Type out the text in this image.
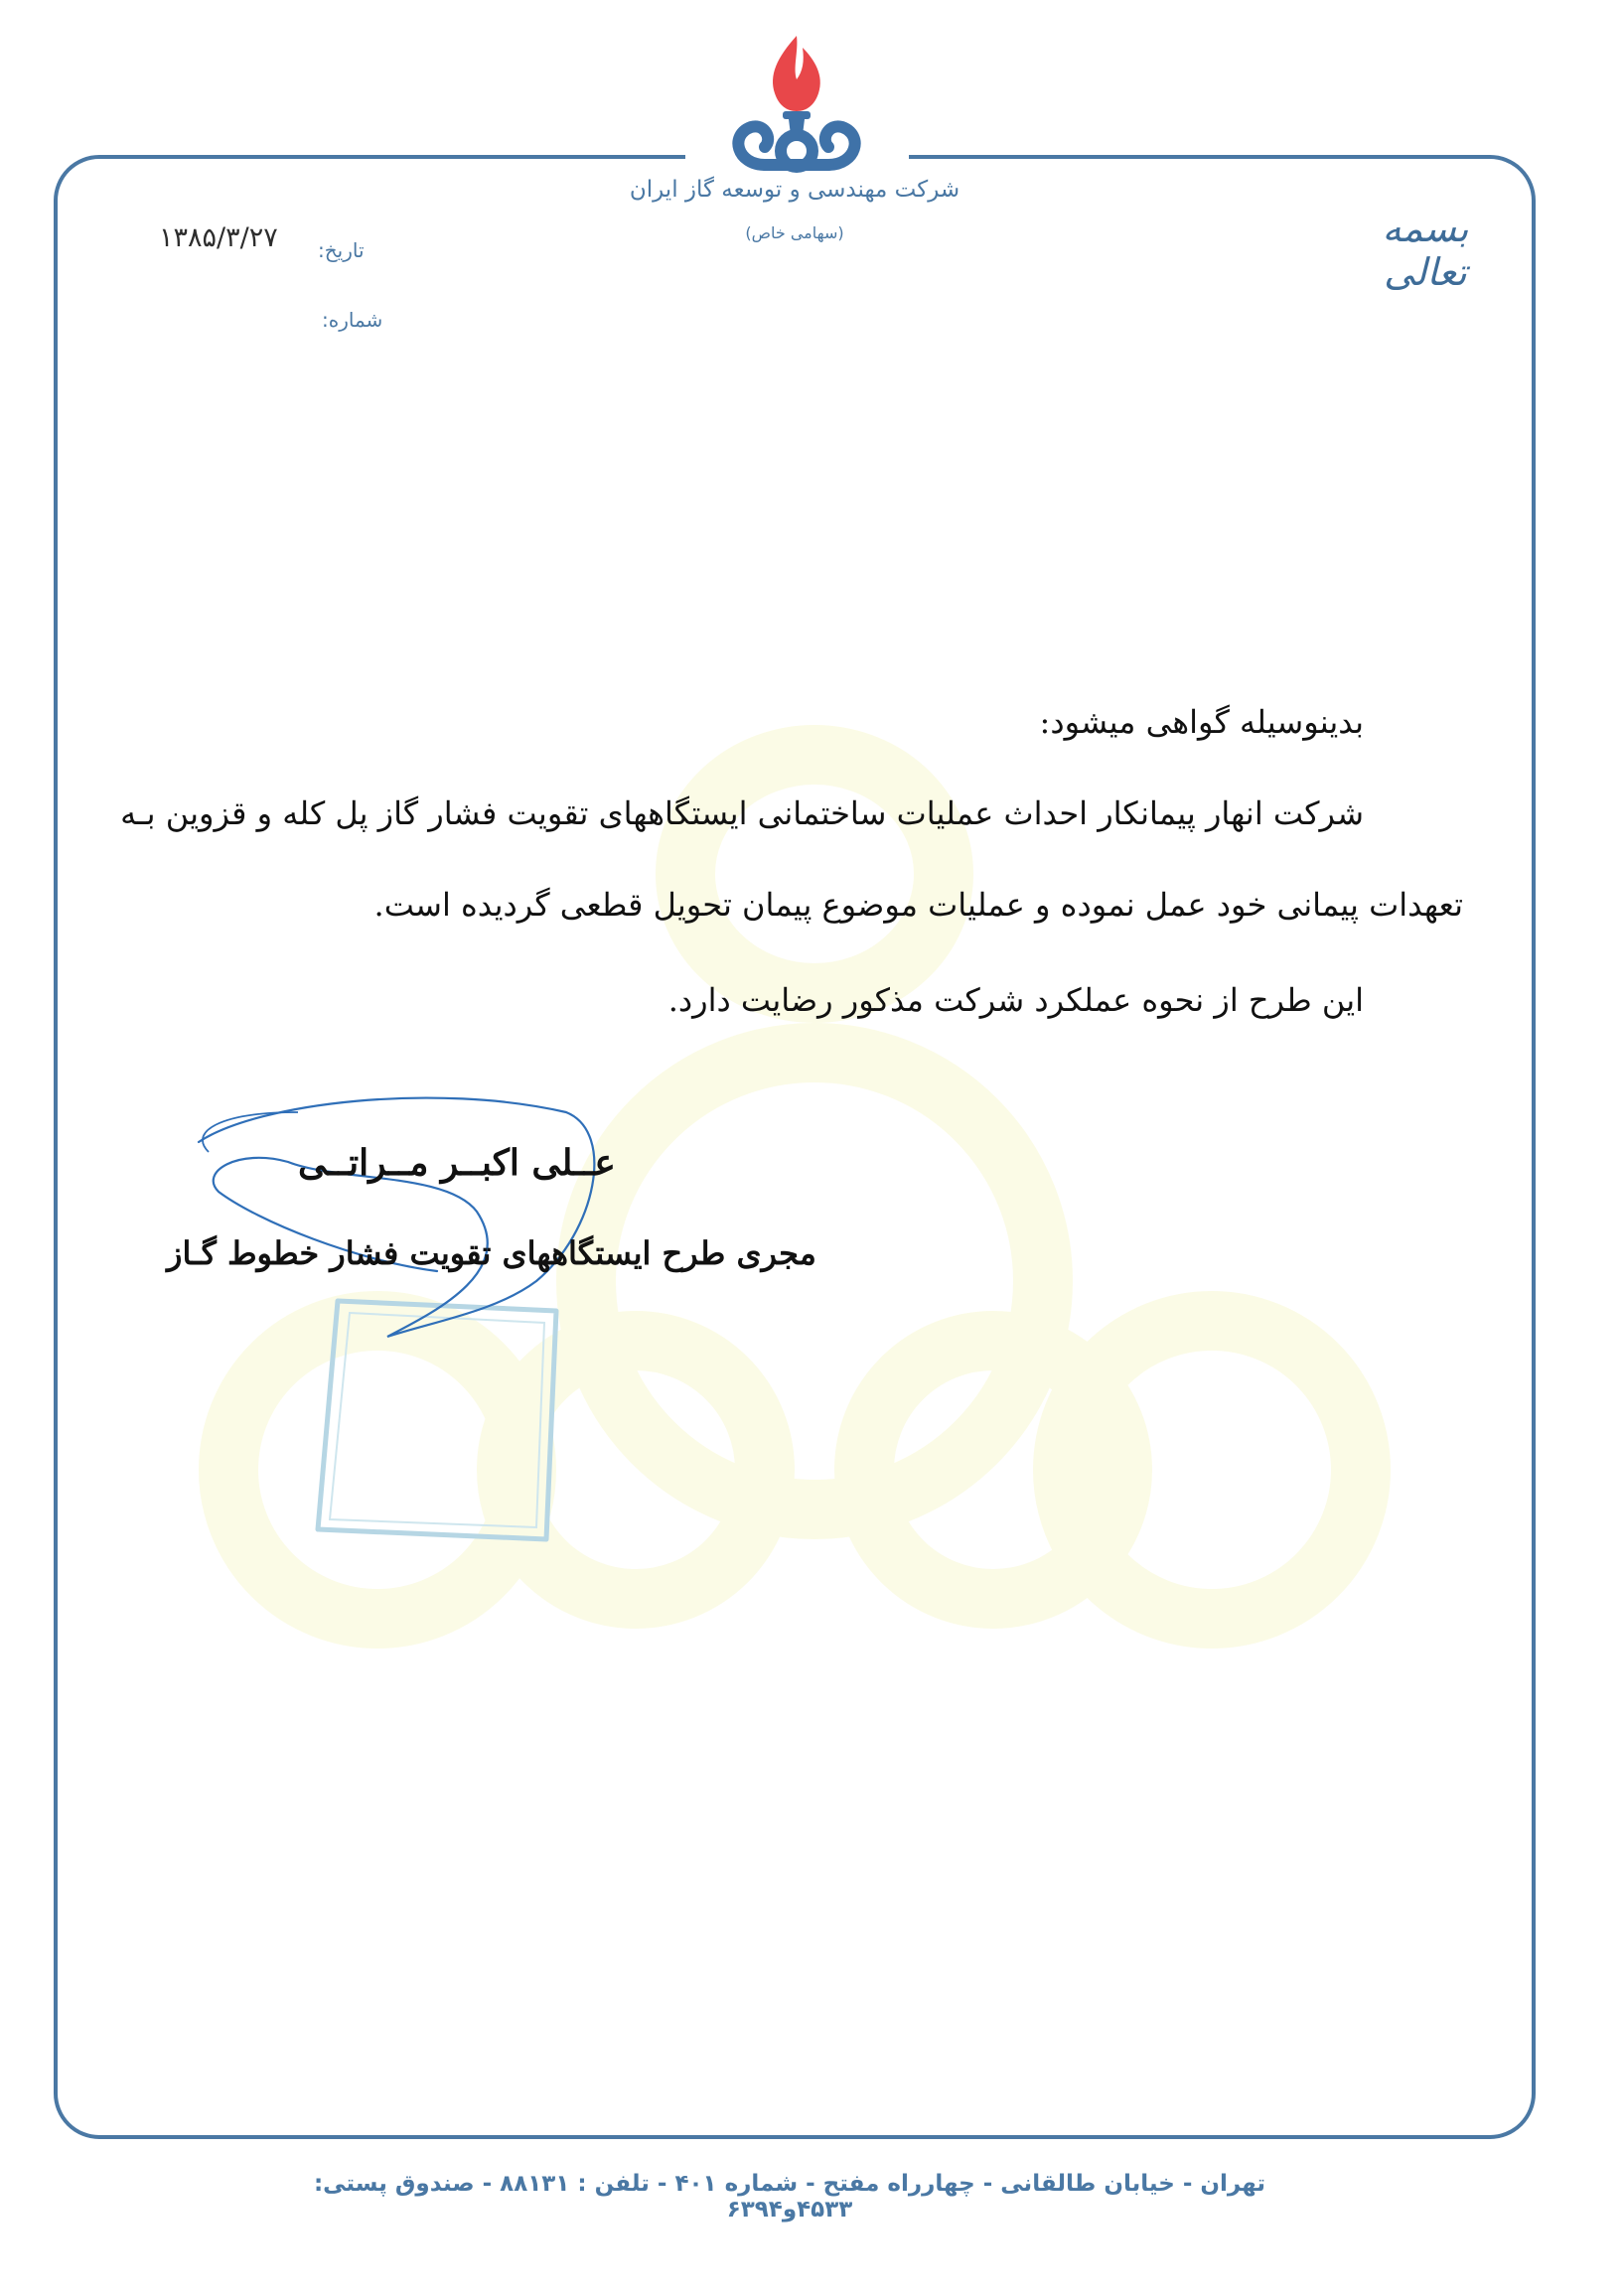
شرکت مهندسی و توسعه گاز ایران
(سهامی خاص)	بسمه تعالی
تاریخ:
شماره:
۱۳۸۵/۳/۲۷
بدینوسیله گواهی میشود:
شرکت انهار پیمانکار احداث عملیات ساختمانی ایستگاههای تقویت فشار گاز پل کله و قزوین بـه
تعهدات پیمانی خود عمل نموده و عملیات موضوع پیمان تحویل قطعی گردیده است.
این طرح از نحوه عملکرد شرکت مذکور رضایت دارد.
عــلی اکبــر مــراتــی
مجری طرح ایستگاههای تقویت فشار خطوط گـاز
تهران - خیابان طالقانی - چهارراه مفتح - شماره ۴۰۱ - تلفن : ۸۸۱۳۱ - صندوق پستی: ۴۵۳۳و۶۳۹۴
